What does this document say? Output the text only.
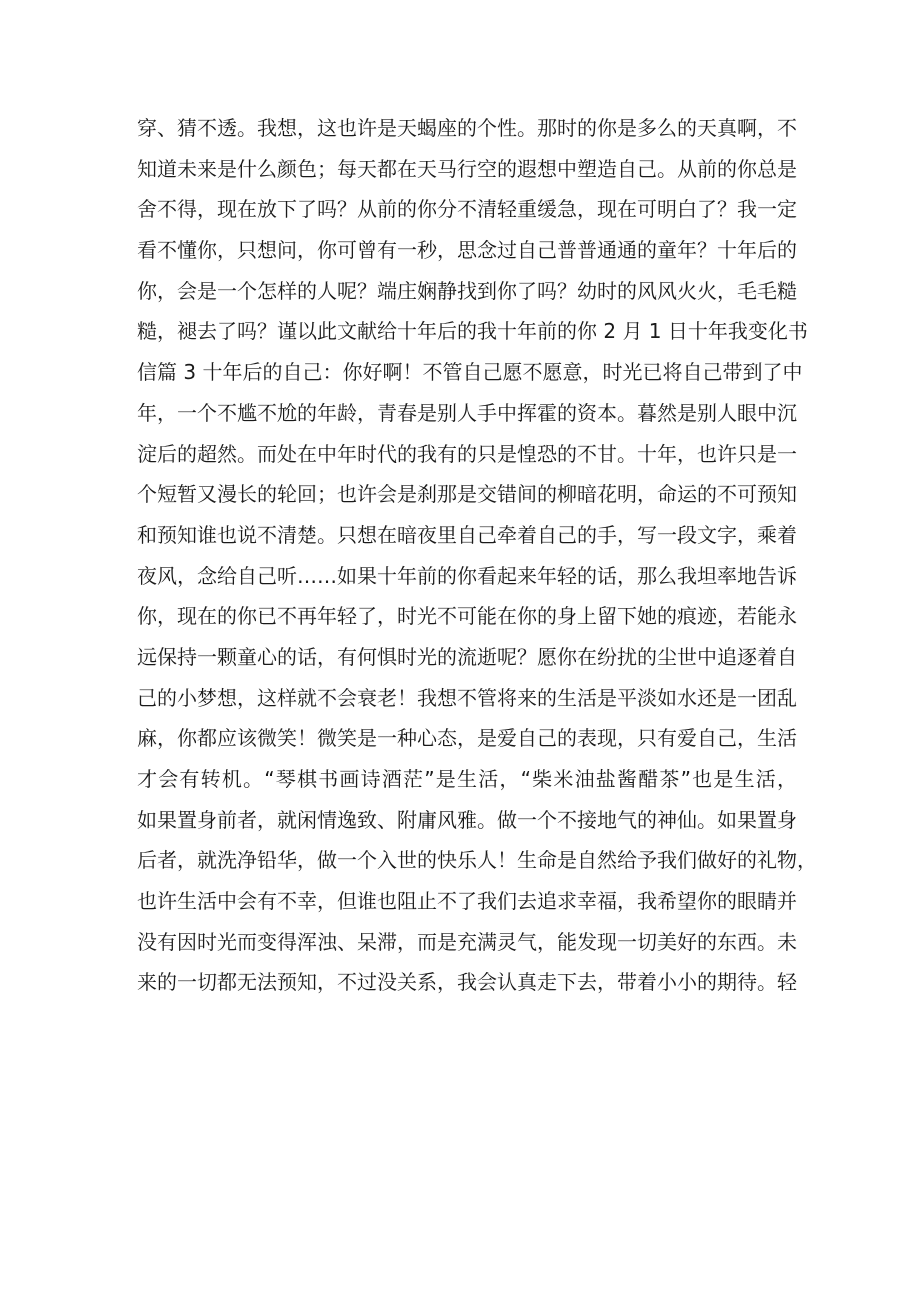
穿、猜不透。我想，这也许是天蝎座的个性。那时的你是多么的天真啊，不
知道未来是什么颜色；每天都在天马行空的遐想中塑造自己。从前的你总是
舍不得，现在放下了吗？从前的你分不清轻重缓急，现在可明白了？我一定
看不懂你，只想问，你可曾有一秒，思念过自己普普通通的童年？十年后的
你，会是一个怎样的人呢？端庄娴静找到你了吗？幼时的风风火火，毛毛糙
糙，褪去了吗？谨以此文献给十年后的我十年前的你 2 月 1 日十年我变化书
信篇 3 十年后的自己：你好啊！不管自己愿不愿意，时光已将自己带到了中
年，一个不尴不尬的年龄，青春是别人手中挥霍的资本。暮然是别人眼中沉
淀后的超然。而处在中年时代的我有的只是惶恐的不甘。十年，也许只是一
个短暂又漫长的轮回；也许会是刹那是交错间的柳暗花明，命运的不可预知
和预知谁也说不清楚。只想在暗夜里自己牵着自己的手，写一段文字，乘着
夜风，念给自己听……如果十年前的你看起来年轻的话，那么我坦率地告诉
你，现在的你已不再年轻了，时光不可能在你的身上留下她的痕迹，若能永
远保持一颗童心的话，有何惧时光的流逝呢？愿你在纷扰的尘世中追逐着自
己的小梦想，这样就不会衰老！我想不管将来的生活是平淡如水还是一团乱
麻，你都应该微笑！微笑是一种心态，是爱自己的表现，只有爱自己，生活
才会有转机。“琴棋书画诗酒茫”是生活，“柴米油盐酱醋茶”也是生活，
如果置身前者，就闲情逸致、附庸风雅。做一个不接地气的神仙。如果置身
后者，就洗净铅华，做一个入世的快乐人！生命是自然给予我们做好的礼物，
也许生活中会有不幸，但谁也阻止不了我们去追求幸福，我希望你的眼睛并
没有因时光而变得浑浊、呆滞，而是充满灵气，能发现一切美好的东西。未
来的一切都无法预知，不过没关系，我会认真走下去，带着小小的期待。轻
